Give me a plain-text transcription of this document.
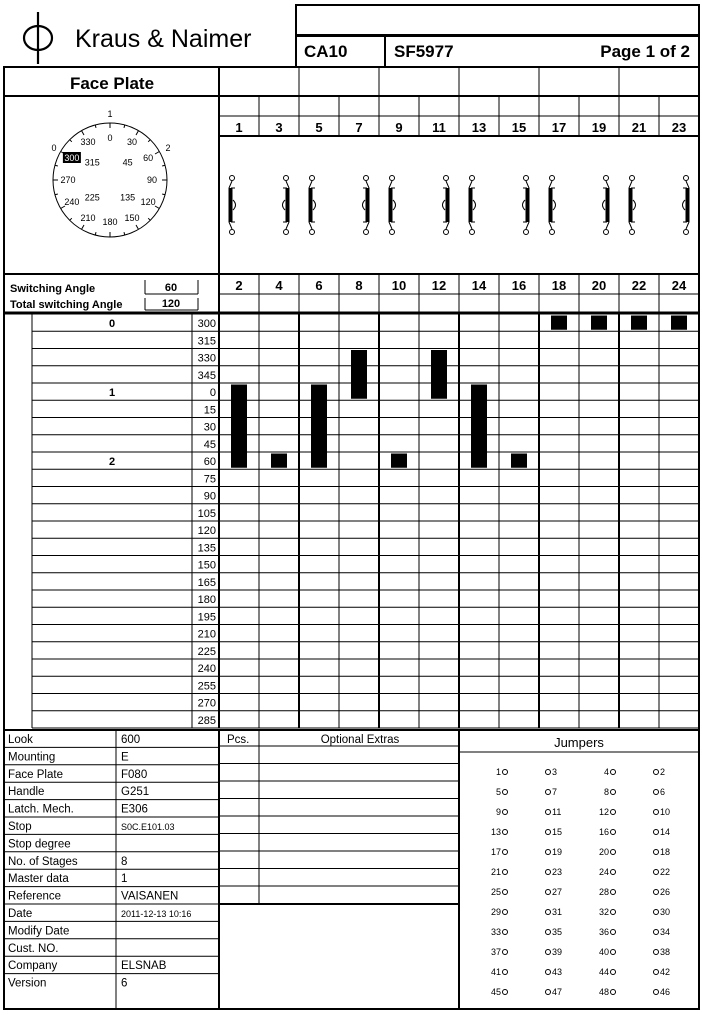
Kraus & Naimer	CA10	SF5977	Page 1 of 2
Face Plate
0 30
60
90
120
150
180
210
240
270
300
330
315	45
135
225
1
0	2
Switching Angle
Total switching Angle
60
120
1	3	5	7	9 11 13 15 17 19 21 23
2	4	6	8 10 12 14 16 18 20 22 24
300
315
330
345
0
15
30
45
60
75
90
105
120
135
150
165
180
195
210
225
240
255
270
285
0
1
2
Look	600
Mounting	E
Face Plate	F080
Handle	G251
Latch. Mech.	E306
Stop	S0C.E101.03
Stop degree
No. of Stages	8
Master data	1
Reference	VAISANEN
Date	2011-12-13 10:16
Modify Date
Cust. NO.
Company	ELSNAB
Version	6
Pcs.	Optional Extras	Jumpers
1	3	4	2
5	7	8	6
9	11	12	10
13	15	16	14
17	19	20	18
21	23	24	22
25	27	28	26
29	31	32	30
33	35	36	34
37	39	40	38
41	43	44	42
45	47	48	46
